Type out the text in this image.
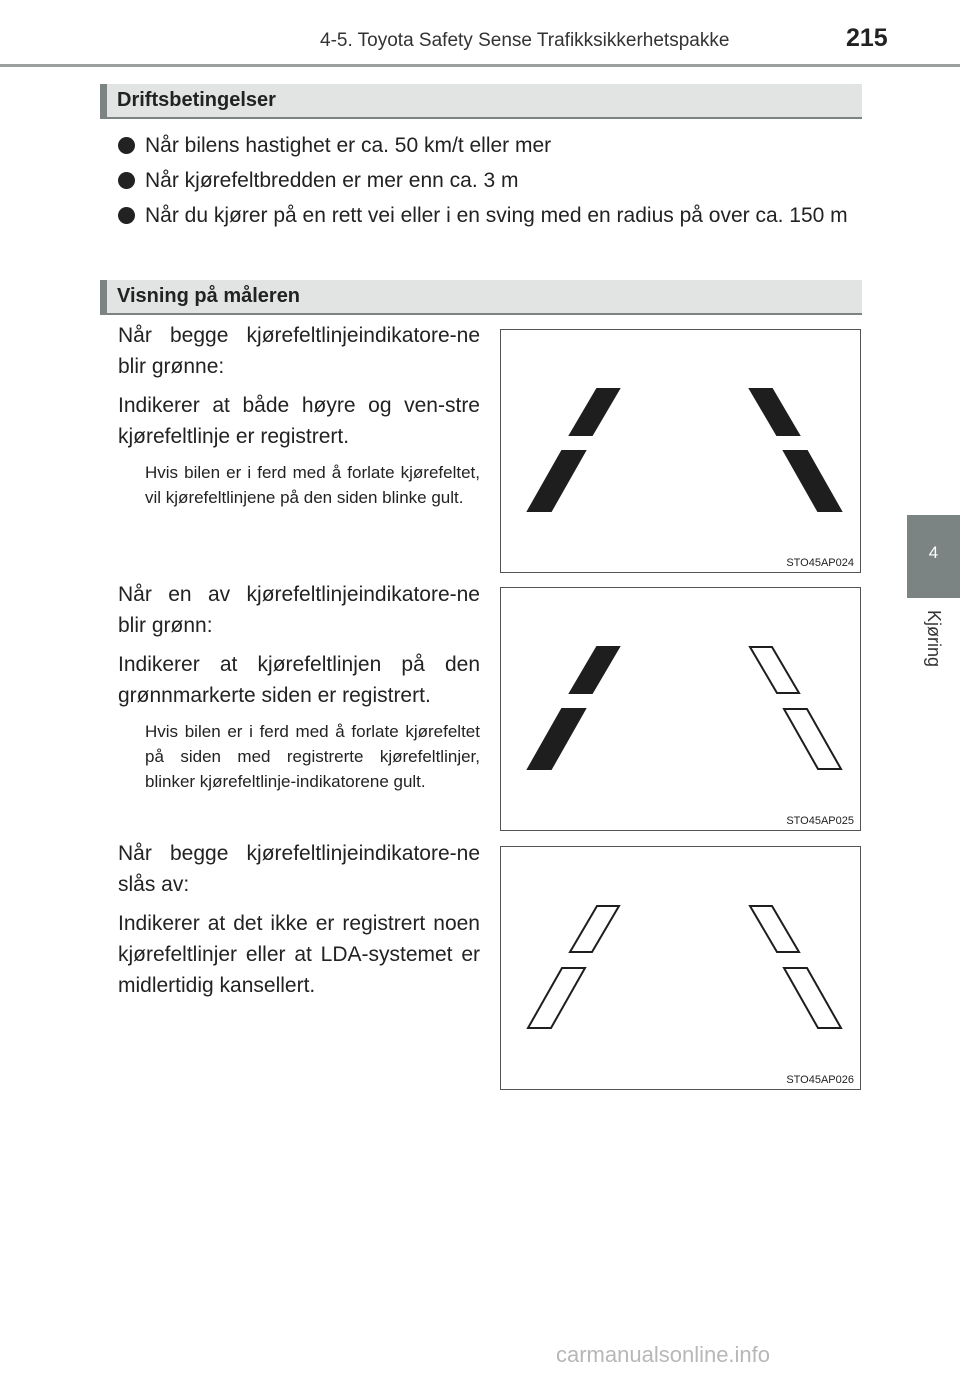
4-5. Toyota Safety Sense Trafikksikkerhetspakke	215
4
Kjøring
Driftsbetingelser
Når bilens hastighet er ca. 50 km/t eller mer
Når kjørefeltbredden er mer enn ca. 3 m
Når du kjører på en rett vei eller i en sving med en radius på over ca. 150 m
Visning på måleren

Når begge kjørefeltlinjeindikatore-ne blir grønne:

Indikerer at både høyre og ven-stre kjørefeltlinje er registrert.

Hvis bilen er i ferd med å forlate kjørefeltet, vil kjørefeltlinjene på den siden blinke gult.

STO45AP024

Når en av kjørefeltlinjeindikatore-ne blir grønn:

Indikerer at kjørefeltlinjen på den grønnmarkerte siden er registrert.

Hvis bilen er i ferd med å forlate kjørefeltet på siden med registrerte kjørefeltlinjer, blinker kjørefeltlinje-indikatorene gult.

STO45AP025

Når begge kjørefeltlinjeindikatore-ne slås av:

Indikerer at det ikke er registrert noen kjørefeltlinjer eller at LDA-systemet er midlertidig kansellert.

STO45AP026
carmanualsonline.info
